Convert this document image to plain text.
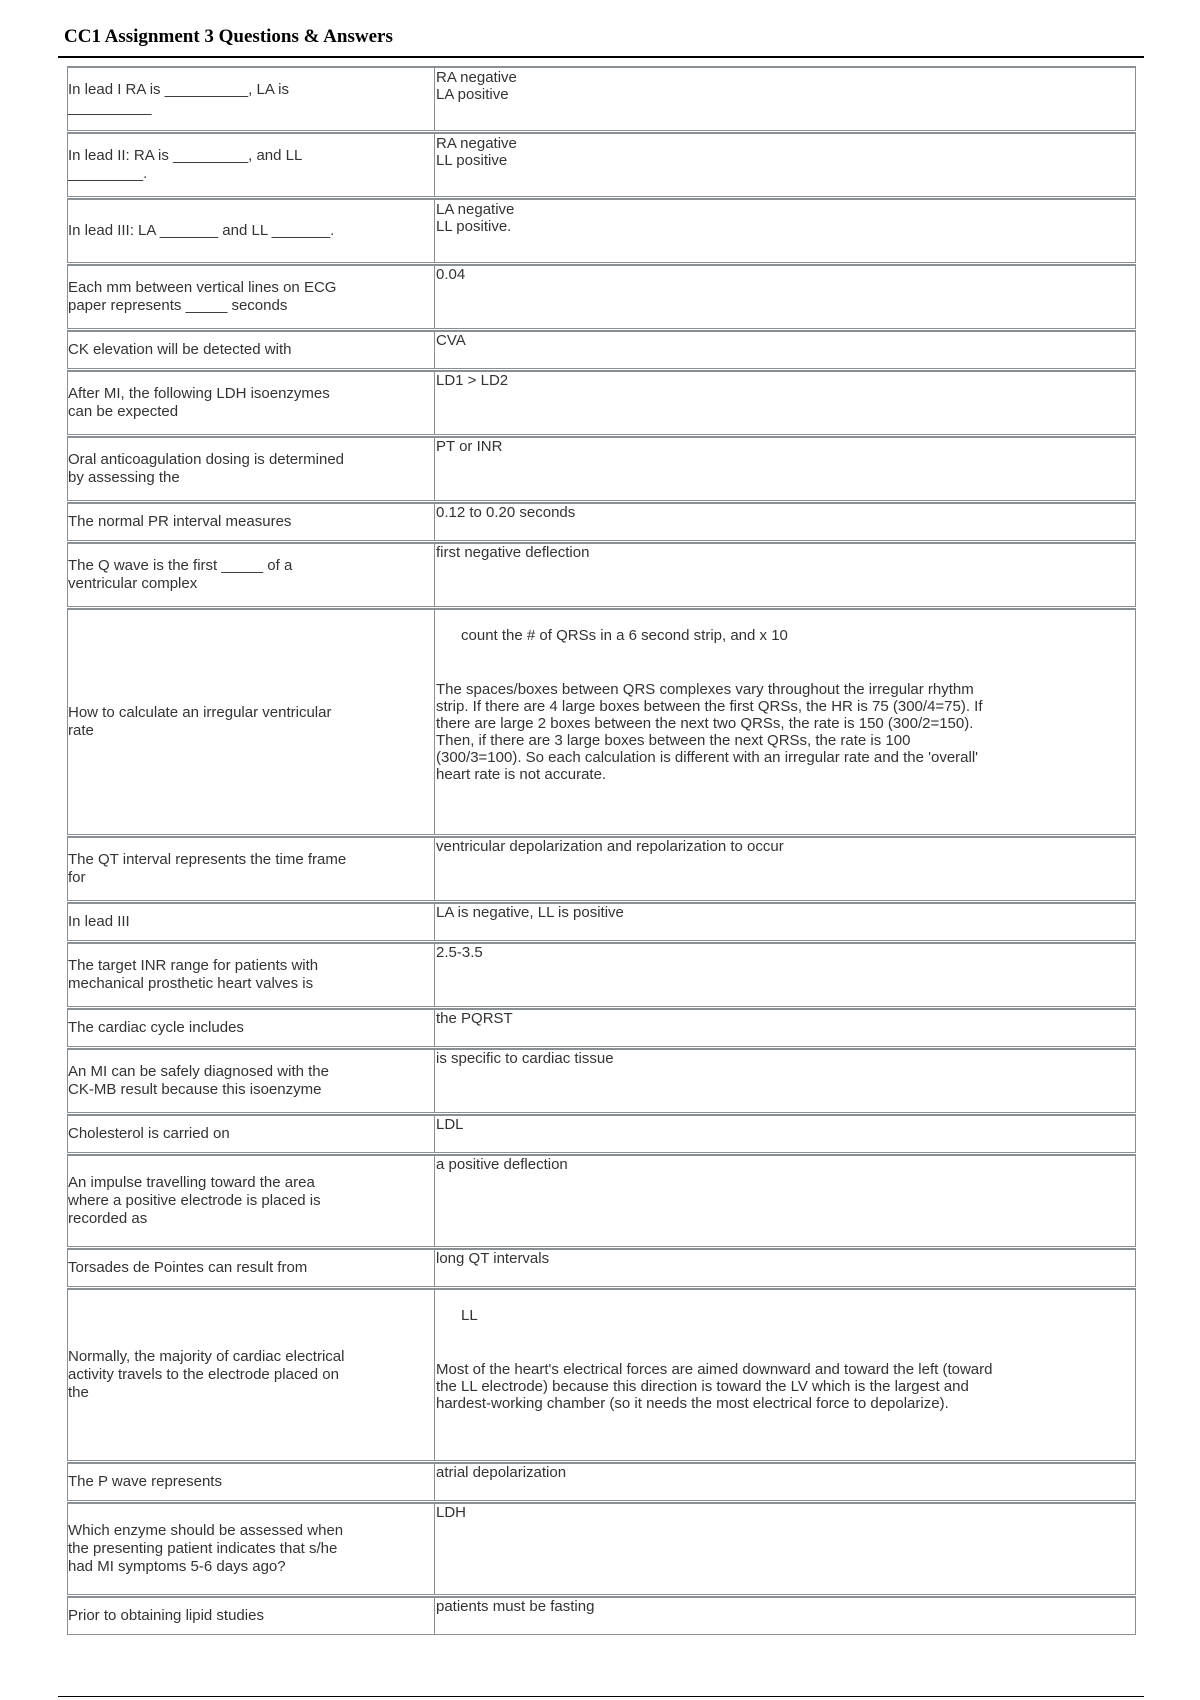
CC1 Assignment 3 Questions & Answers
In lead I RA is __________, LA is
__________
RA negative
LA positive
In lead II: RA is _________, and LL
_________.
RA negative
LL positive
In lead III: LA _______ and LL _______.
LA negative
LL positive.
Each mm between vertical lines on ECG
paper represents _____ seconds
0.04
CK elevation will be detected with
CVA
After MI, the following LDH isoenzymes
can be expected
LD1 > LD2
Oral anticoagulation dosing is determined
by assessing the
PT or INR
The normal PR interval measures
0.12 to 0.20 seconds
The Q wave is the first _____ of a
ventricular complex
first negative deflection
How to calculate an irregular ventricular
rate

count the # of QRSs in a 6 second strip, and x 10

The spaces/boxes between QRS complexes vary throughout the irregular rhythm
strip. If there are 4 large boxes between the first QRSs, the HR is 75 (300/4=75). If
there are large 2 boxes between the next two QRSs, the rate is 150 (300/2=150).
Then, if there are 3 large boxes between the next QRSs, the rate is 100
(300/3=100). So each calculation is different with an irregular rate and the 'overall'
heart rate is not accurate.

The QT interval represents the time frame
for
ventricular depolarization and repolarization to occur
In lead III
LA is negative, LL is positive
The target INR range for patients with
mechanical prosthetic heart valves is
2.5-3.5
The cardiac cycle includes
the PQRST
An MI can be safely diagnosed with the
CK-MB result because this isoenzyme
is specific to cardiac tissue
Cholesterol is carried on
LDL
An impulse travelling toward the area
where a positive electrode is placed is
recorded as
a positive deflection
Torsades de Pointes can result from
long QT intervals
Normally, the majority of cardiac electrical
activity travels to the electrode placed on
the

LL

Most of the heart's electrical forces are aimed downward and toward the left (toward
the LL electrode) because this direction is toward the LV which is the largest and
hardest-working chamber (so it needs the most electrical force to depolarize).

The P wave represents
atrial depolarization
Which enzyme should be assessed when
the presenting patient indicates that s/he
had MI symptoms 5-6 days ago?
LDH
Prior to obtaining lipid studies
patients must be fasting
